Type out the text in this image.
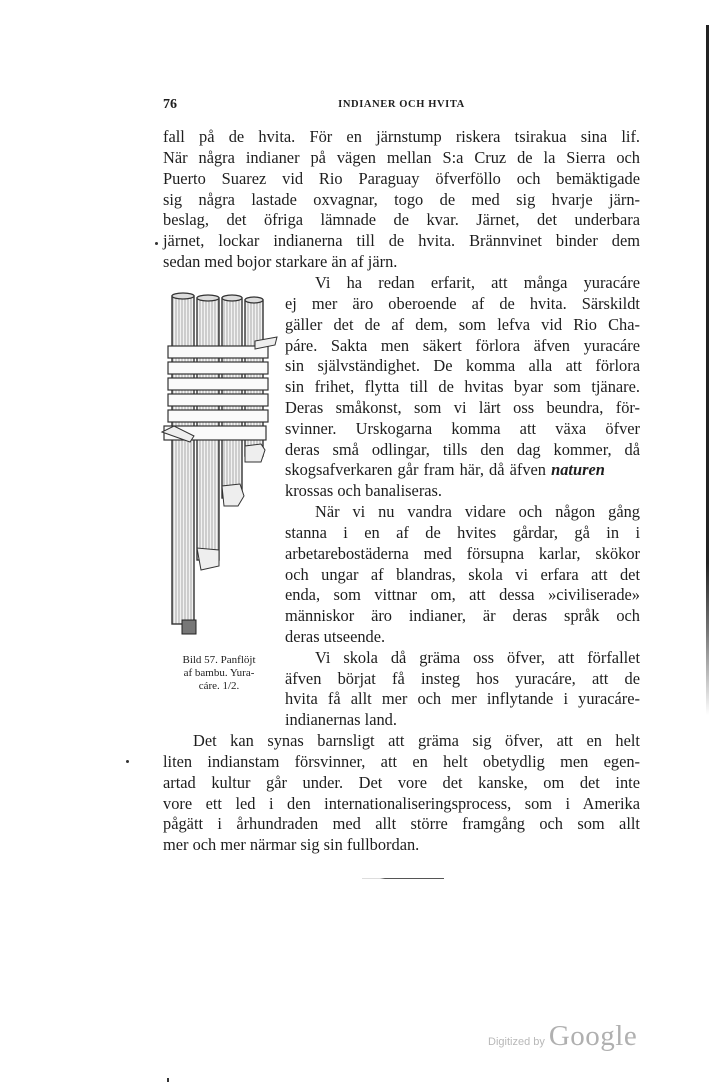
76	INDIANER OCH HVITA
fall på de hvita. För en järnstump riskera tsirakua sina lif.
När några indianer på vägen mellan S:a Cruz de la Sierra och
Puerto Suarez vid Rio Paraguay öfverföllo och bemäktigade
sig några lastade oxvagnar, togo de med sig hvarje järn-
beslag, det öfriga lämnade de kvar. Järnet, det underbara
järnet, lockar indianerna till de hvita. Brännvinet binder dem
sedan med bojor starkare än af järn.
Bild 57. Panflöjt
af bambu. Yura-
cáre. 1/2.
Vi ha redan erfarit, att många yuracáre
ej mer äro oberoende af de hvita. Särskildt
gäller det de af dem, som lefva vid Rio Cha-
páre. Sakta men säkert förlora äfven yuracáre
sin självständighet. De komma alla att förlora
sin frihet, flytta till de hvitas byar som tjänare.
Deras småkonst, som vi lärt oss beundra, för-
svinner. Urskogarna komma att växa öfver
deras små odlingar, tills den dag kommer, då
skogsafverkaren går fram här, då äfven naturen
krossas och banaliseras.
När vi nu vandra vidare och någon gång
stanna i en af de hvites gårdar, gå in i
arbetarebostäderna med försupna karlar, skökor
och ungar af blandras, skola vi erfara att det
enda, som vittnar om, att dessa »civiliserade»
människor äro indianer, är deras språk och
deras utseende.
Vi skola då gräma oss öfver, att förfallet
äfven börjat få insteg hos yuracáre, att de
hvita få allt mer och mer inflytande i yuracáre-
indianernas land.
Det kan synas barnsligt att gräma sig öfver, att en helt
liten indianstam försvinner, att en helt obetydlig men egen-
artad kultur går under. Det vore det kanske, om det inte
vore ett led i den internationaliseringsprocess, som i Amerika
pågätt i århundraden med allt större framgång och som allt
mer och mer närmar sig sin fullbordan.
Digitized by Google
